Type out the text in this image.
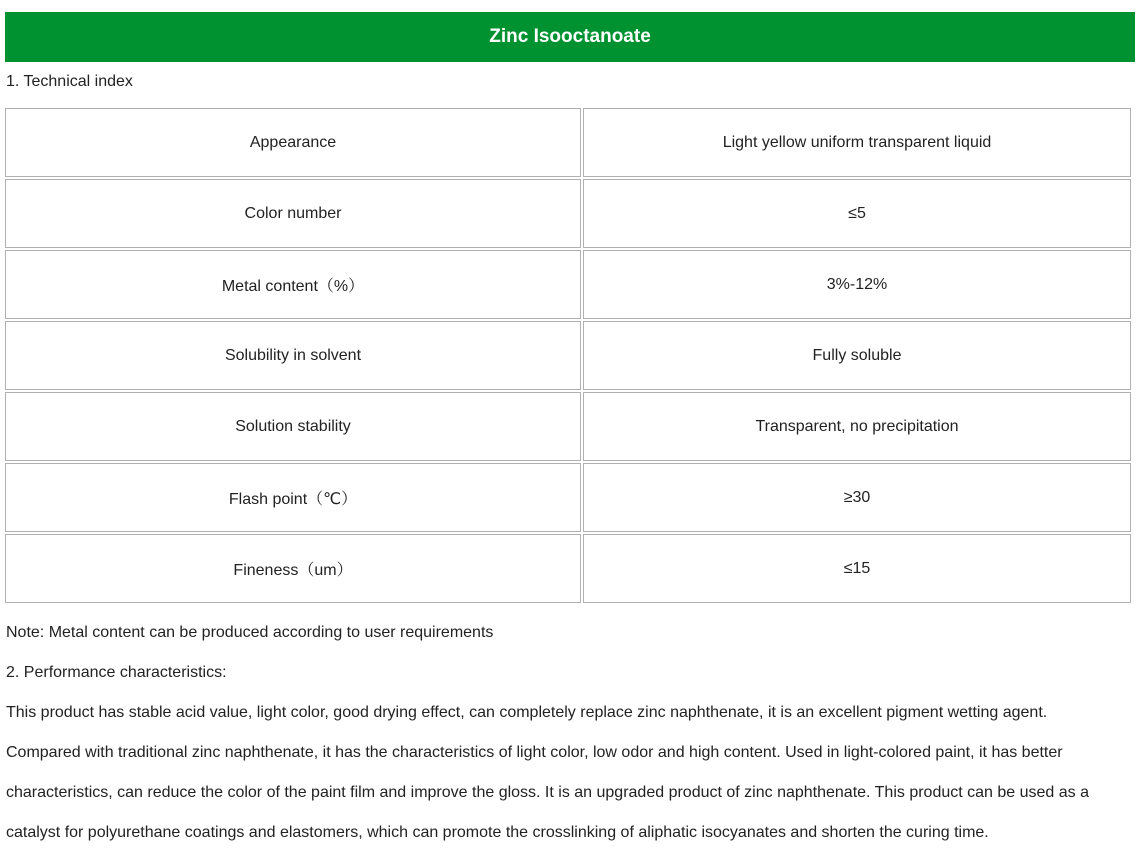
Zinc Isooctanoate
1. Technical index
Appearance	Light yellow uniform transparent liquid
Color number	≤5
Metal content（%）	3%-12%
Solubility in solvent	Fully soluble
Solution stability	Transparent, no precipitation
Flash point（℃）	≥30
Fineness（um）	≤15
Note: Metal content can be produced according to user requirements
2. Performance characteristics:
This product has stable acid value, light color, good drying effect, can completely replace zinc naphthenate, it is an excellent pigment wetting agent.
Compared with traditional zinc naphthenate, it has the characteristics of light color, low odor and high content. Used in light-colored paint, it has better
characteristics, can reduce the color of the paint film and improve the gloss. It is an upgraded product of zinc naphthenate. This product can be used as a
catalyst for polyurethane coatings and elastomers, which can promote the crosslinking of aliphatic isocyanates and shorten the curing time.
